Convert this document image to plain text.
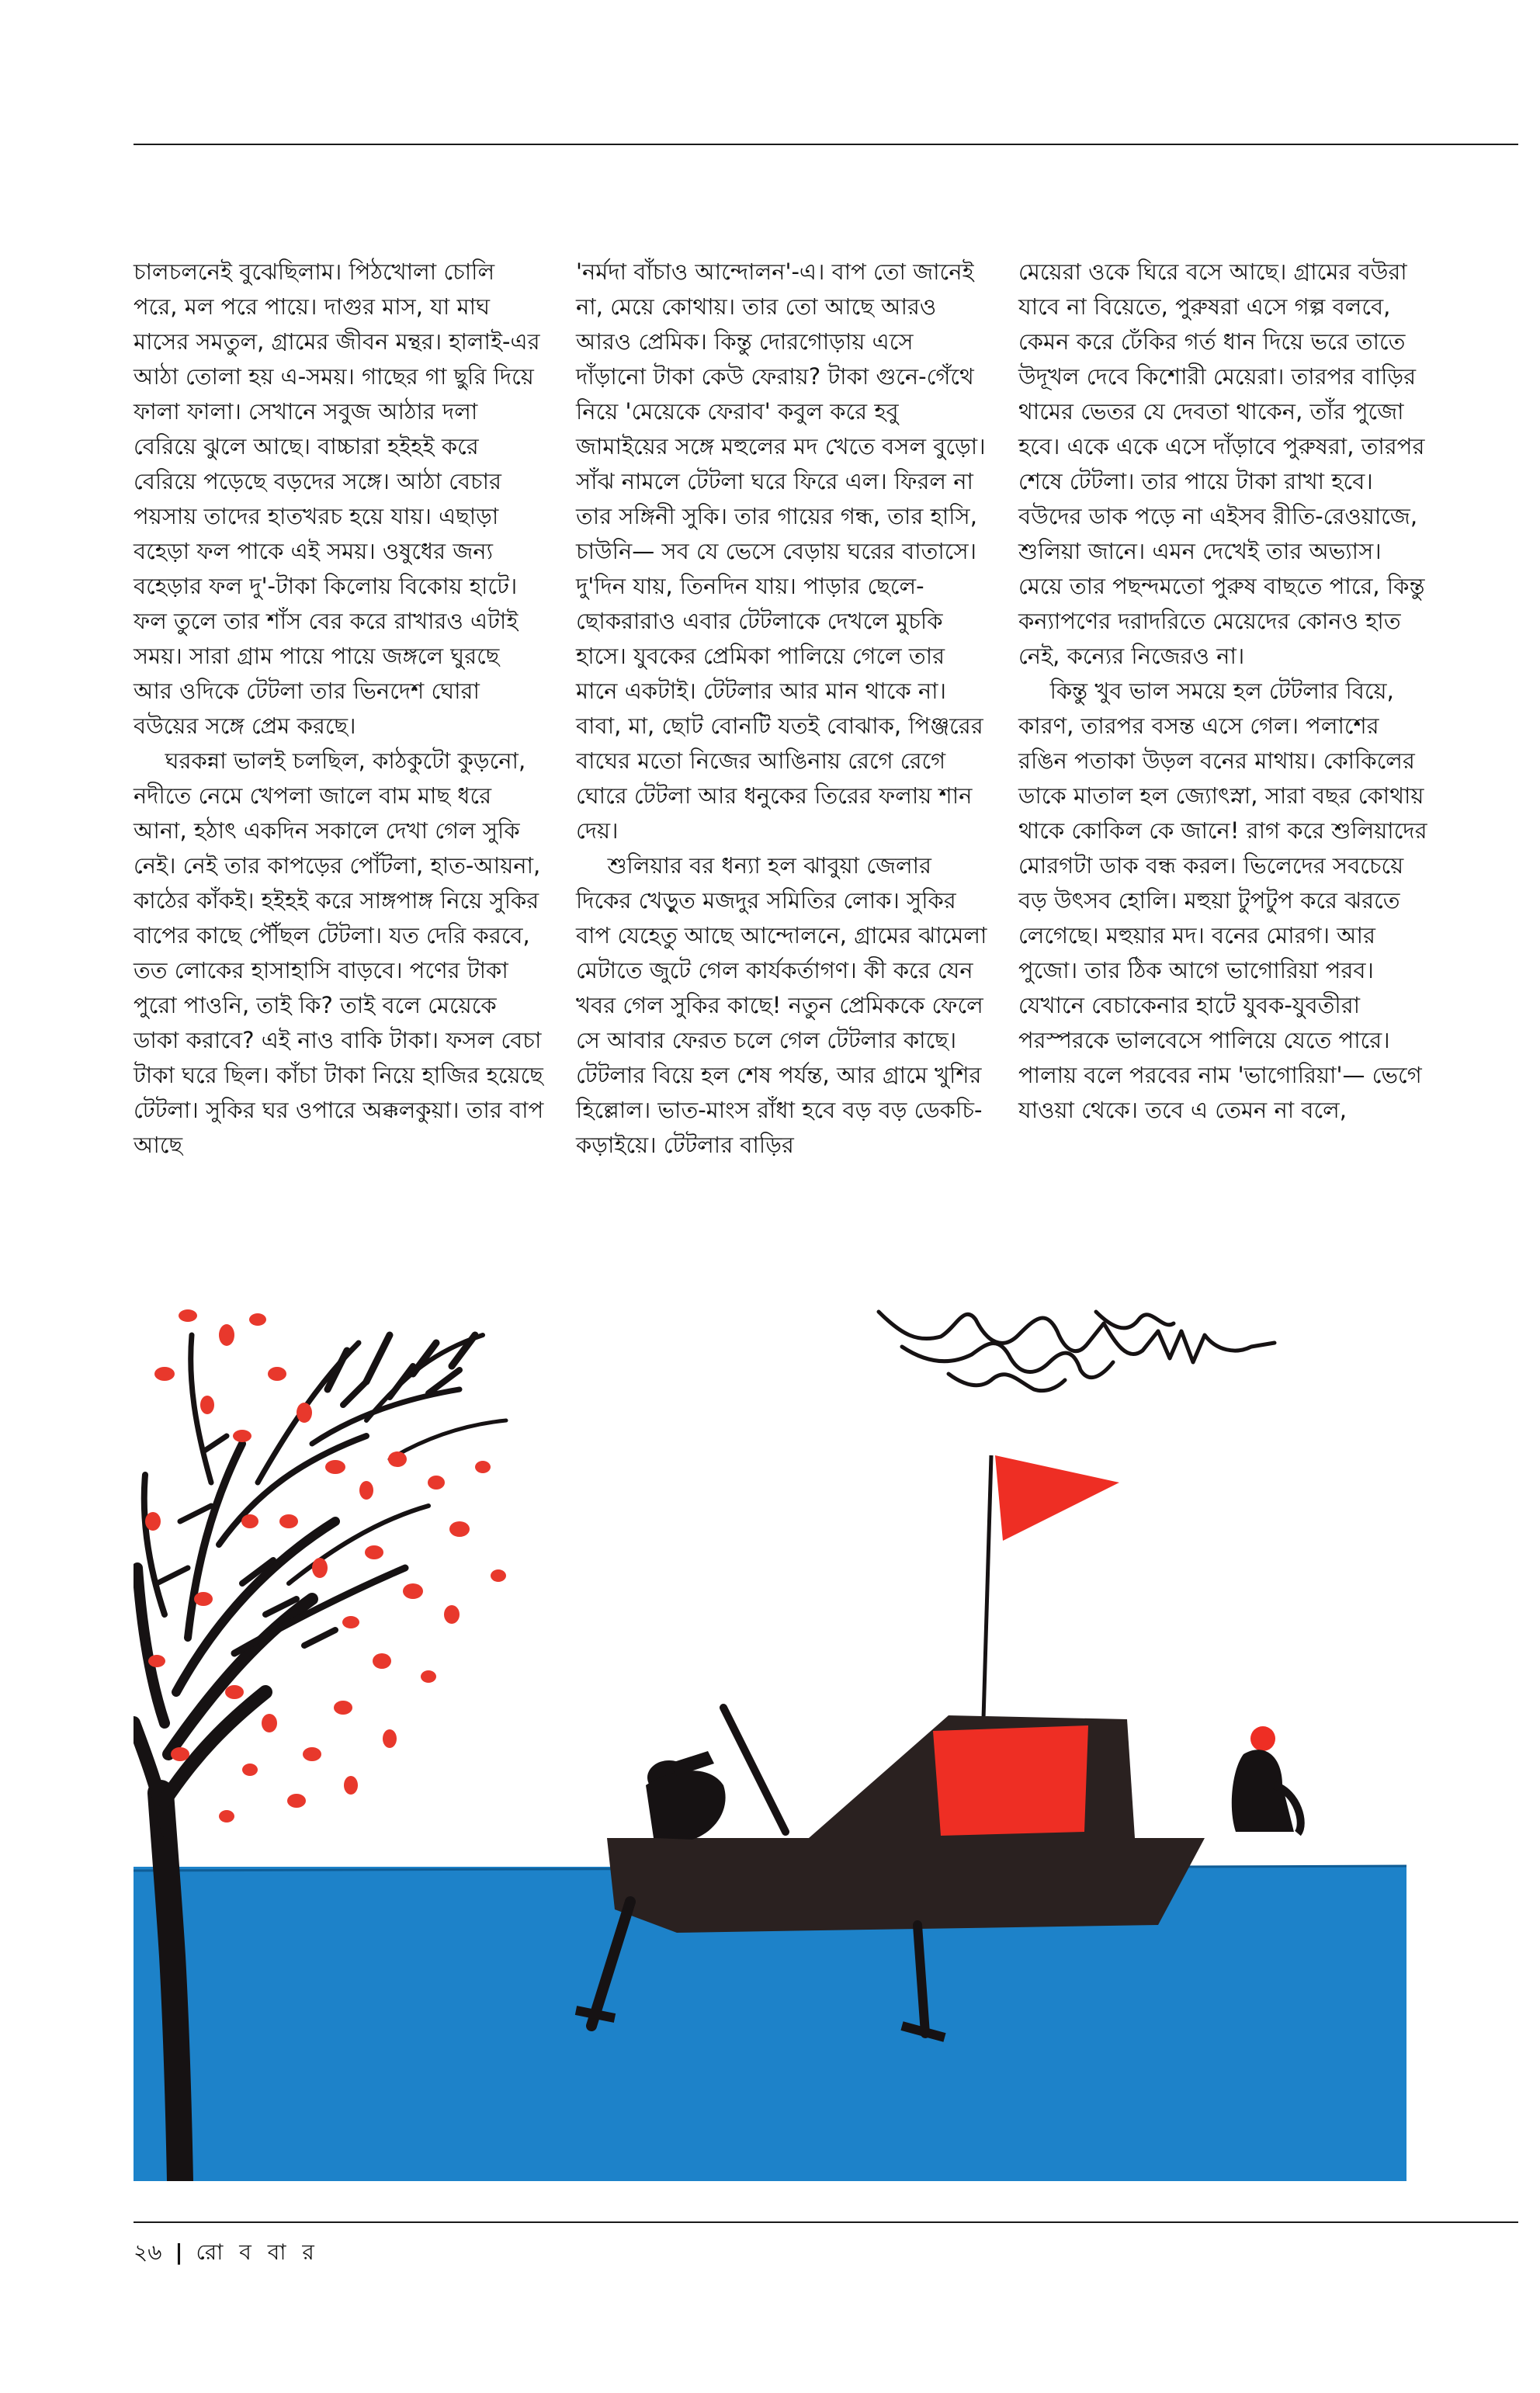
চালচলনেই বুঝেছিলাম। পিঠখোলা চোলি পরে, মল পরে পায়ে। দাগুর মাস, যা মাঘ মাসের সমতুল, গ্রামের জীবন মন্থর। হালাই-এর আঠা তোলা হয় এ-সময়। গাছের গা ছুরি দিয়ে ফালা ফালা। সেখানে সবুজ আঠার দলা বেরিয়ে ঝুলে আছে। বাচ্চারা হইহই করে বেরিয়ে পড়েছে বড়দের সঙ্গে। আঠা বেচার পয়সায় তাদের হাতখরচ হয়ে যায়। এছাড়া বহেড়া ফল পাকে এই সময়। ওষুধের জন্য বহেড়ার ফল দু'-টাকা কিলোয় বিকোয় হাটে। ফল তুলে তার শাঁস বের করে রাখারও এটাই সময়। সারা গ্রাম পায়ে পায়ে জঙ্গলে ঘুরছে আর ওদিকে টেটলা তার ভিনদেশ ঘোরা বউয়ের সঙ্গে প্রেম করছে।

ঘরকন্না ভালই চলছিল, কাঠকুটো কুড়নো, নদীতে নেমে খেপলা জালে বাম মাছ ধরে আনা, হঠাৎ একদিন সকালে দেখা গেল সুকি নেই। নেই তার কাপড়ের পোঁটলা, হাত-আয়না, কাঠের কাঁকই। হইহই করে সাঙ্গপাঙ্গ নিয়ে সুকির বাপের কাছে পৌঁছল টেটলা। যত দেরি করবে, তত লোকের হাসাহাসি বাড়বে। পণের টাকা পুরো পাওনি, তাই কি? তাই বলে মেয়েকে ডাকা করাবে? এই নাও বাকি টাকা। ফসল বেচা টাকা ঘরে ছিল। কাঁচা টাকা নিয়ে হাজির হয়েছে টেটলা। সুকির ঘর ওপারে অক্কলকুয়া। তার বাপ আছে

'নর্মদা বাঁচাও আন্দোলন'-এ। বাপ তো জানেই না, মেয়ে কোথায়। তার তো আছে আরও আরও প্রেমিক। কিন্তু দোরগোড়ায় এসে দাঁড়ানো টাকা কেউ ফেরায়? টাকা গুনে-গেঁথে নিয়ে 'মেয়েকে ফেরাব' কবুল করে হবু জামাইয়ের সঙ্গে মহুলের মদ খেতে বসল বুড়ো। সাঁঝ নামলে টেটলা ঘরে ফিরে এল। ফিরল না তার সঙ্গিনী সুকি। তার গায়ের গন্ধ, তার হাসি, চাউনি— সব যে ভেসে বেড়ায় ঘরের বাতাসে। দু'দিন যায়, তিনদিন যায়। পাড়ার ছেলে-ছোকরারাও এবার টেটলাকে দেখলে মুচকি হাসে। যুবকের প্রেমিকা পালিয়ে গেলে তার মানে একটাই। টেটলার আর মান থাকে না। বাবা, মা, ছোট বোনটি যতই বোঝাক, পিঞ্জরের বাঘের মতো নিজের আঙিনায় রেগে রেগে ঘোরে টেটলা আর ধনুকের তিরের ফলায় শান দেয়।

শুলিয়ার বর ধন্যা হল ঝাবুয়া জেলার দিকের খেড়ুত মজদুর সমিতির লোক। সুকির বাপ যেহেতু আছে আন্দোলনে, গ্রামের ঝামেলা মেটাতে জুটে গেল কার্যকর্তাগণ। কী করে যেন খবর গেল সুকির কাছে! নতুন প্রেমিককে ফেলে সে আবার ফেরত চলে গেল টেটলার কাছে। টেটলার বিয়ে হল শেষ পর্যন্ত, আর গ্রামে খুশির হিল্লোল। ভাত-মাংস রাঁধা হবে বড় বড় ডেকচি-কড়াইয়ে। টেটলার বাড়ির

মেয়েরা ওকে ঘিরে বসে আছে। গ্রামের বউরা যাবে না বিয়েতে, পুরুষরা এসে গল্প বলবে, কেমন করে ঢেঁকির গর্ত ধান দিয়ে ভরে তাতে উদূখল দেবে কিশোরী মেয়েরা। তারপর বাড়ির থামের ভেতর যে দেবতা থাকেন, তাঁর পুজো হবে। একে একে এসে দাঁড়াবে পুরুষরা, তারপর শেষে টেটলা। তার পায়ে টাকা রাখা হবে। বউদের ডাক পড়ে না এইসব রীতি-রেওয়াজে, শুলিয়া জানে। এমন দেখেই তার অভ্যাস। মেয়ে তার পছন্দমতো পুরুষ বাছতে পারে, কিন্তু কন্যাপণের দরাদরিতে মেয়েদের কোনও হাত নেই, কন্যের নিজেরও না।

কিন্তু খুব ভাল সময়ে হল টেটলার বিয়ে, কারণ, তারপর বসন্ত এসে গেল। পলাশের রঙিন পতাকা উড়ল বনের মাথায়। কোকিলের ডাকে মাতাল হল জ্যোৎস্না, সারা বছর কোথায় থাকে কোকিল কে জানে! রাগ করে শুলিয়াদের মোরগটা ডাক বন্ধ করল। ভিলেদের সবচেয়ে বড় উৎসব হোলি। মহুয়া টুপটুপ করে ঝরতে লেগেছে। মহুয়ার মদ। বনের মোরগ। আর পুজো। তার ঠিক আগে ভাগোরিয়া পরব। যেখানে বেচাকেনার হাটে যুবক-যুবতীরা পরস্পরকে ভালবেসে পালিয়ে যেতে পারে। পালায় বলে পরবের নাম 'ভাগোরিয়া'— ভেগে যাওয়া থেকে। তবে এ তেমন না বলে,

২৬ | রো ব বা র
